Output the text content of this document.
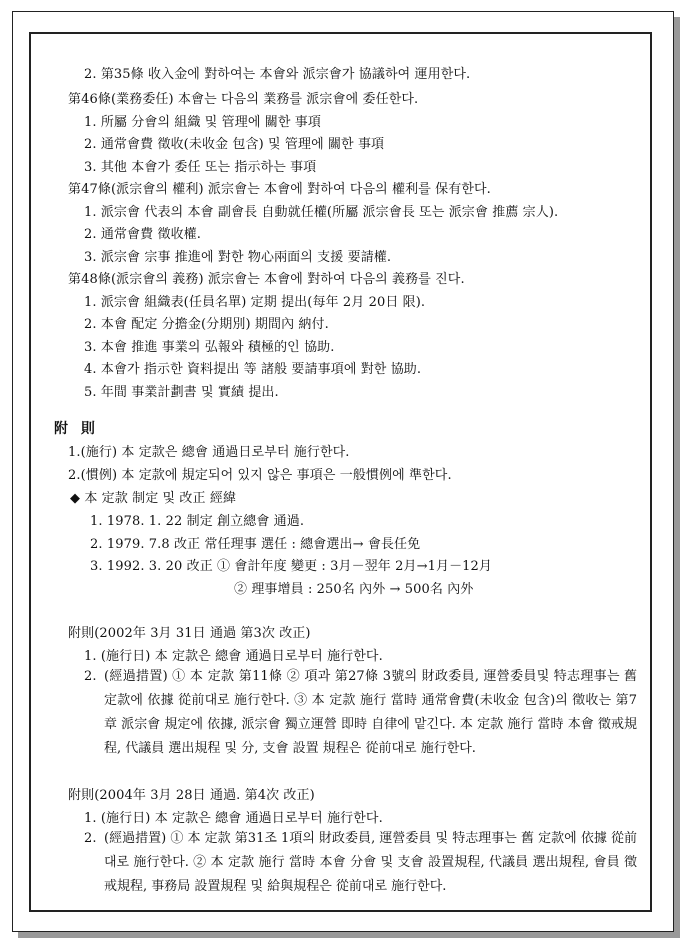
2. 第35條 收入金에 對하여는 本會와 派宗會가 協議하여 運用한다.
第46條(業務委任) 本會는 다음의 業務를 派宗會에 委任한다.
1. 所屬 分會의 組織 및 管理에 關한 事項
2. 通常會費 徵收(未收金 包含) 및 管理에 關한 事項
3. 其他 本會가 委任 또는 指示하는 事項
第47條(派宗會의 權利) 派宗會는 本會에 對하여 다음의 權利를 保有한다.
1. 派宗會 代表의 本會 副會長 自動就任權(所屬 派宗會長 또는 派宗會 推薦 宗人).
2. 通常會費 徵收權.
3. 派宗會 宗事 推進에 對한 物心兩面의 支援 要請權.
第48條(派宗會의 義務) 派宗會는 本會에 對하여 다음의 義務를 진다.
1. 派宗會 組織表(任員名單) 定期 提出(每年 2月 20日 限).
2. 本會 配定 分擔金(分期別) 期間內 納付.
3. 本會 推進 事業의 弘報와 積極的인 協助.
4. 本會가 指示한 資料提出 等 諸般 要請事項에 對한 協助.
5. 年間 事業計劃書 및 實績 提出.
附 則
1.(施行) 本 定款은 總會 通過日로부터 施行한다.
2.(慣例) 本 定款에 規定되어 있지 않은 事項은 一般慣例에 準한다.
◆ 本 定款 制定 및 改正 經緯
1. 1978. 1. 22 制定 創立總會 通過.
2. 1979. 7.8 改正 常任理事 選任 : 總會選出→ 會長任免
3. 1992. 3. 20 改正 ① 會計年度 變更 : 3月－翌年 2月→1月－12月
② 理事增員 : 250名 內外 → 500名 內外
附則(2002年 3月 31日 通過 第3次 改正)
1. (施行日) 本 定款은 總會 通過日로부터 施行한다.
2. (經過措置) ① 本 定款 第11條 ② 項과 第27條 3號의 財政委員, 運營委員및 特志理事는 舊 定款에 依據 從前대로 施行한다. ③ 本 定款 施行 當時 通常會費(未收金 包含)의 徵收는 第7章 派宗會 規定에 依據, 派宗會 獨立運營 即時 自律에 맡긴다. 本 定款 施行 當時 本會 徵戒規程, 代議員 選出規程 및 分, 支會 設置 規程은 從前대로 施行한다.
附則(2004年 3月 28日 通過. 第4次 改正)
1. (施行日) 本 定款은 總會 通過日로부터 施行한다.
2. (經過措置) ① 本 定款 第31조 1項의 財政委員, 運營委員 및 特志理事는 舊 定款에 依據 從前대로 施行한다. ② 本 定款 施行 當時 本會 分會 및 支會 設置規程, 代議員 選出規程, 會員 徵戒規程, 事務局 設置規程 및 給與規程은 從前대로 施行한다.
